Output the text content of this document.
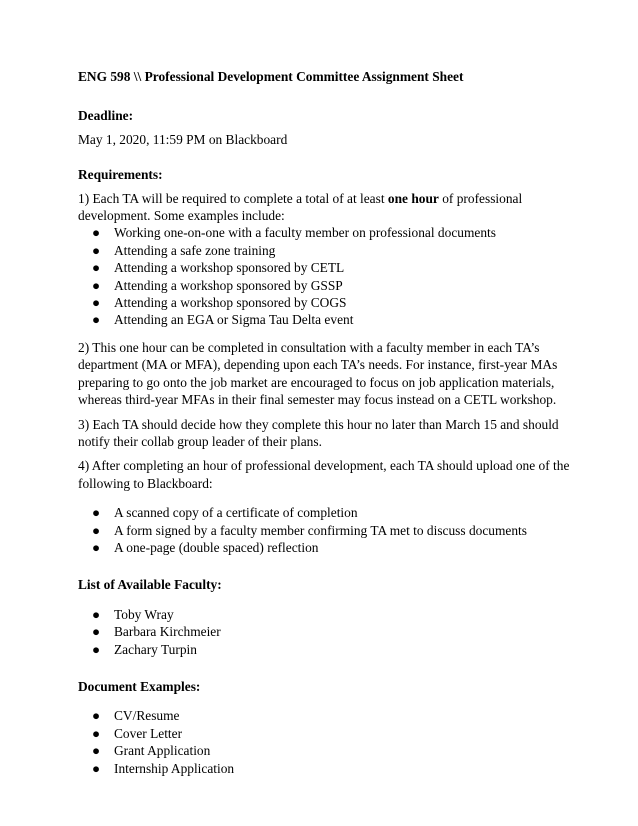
ENG 598 \\ Professional Development Committee Assignment Sheet
Deadline:

May 1, 2020, 11:59 PM on Blackboard

Requirements:

1) Each TA will be required to complete a total of at least one hour of professional development. Some examples include:

● Working one-on-one with a faculty member on professional documents
● Attending a safe zone training
● Attending a workshop sponsored by CETL
● Attending a workshop sponsored by GSSP
● Attending a workshop sponsored by COGS
● Attending an EGA or Sigma Tau Delta event

2) This one hour can be completed in consultation with a faculty member in each TA’s department (MA or MFA), depending upon each TA’s needs. For instance, first-year MAs preparing to go onto the job market are encouraged to focus on job application materials, whereas third-year MFAs in their final semester may focus instead on a CETL workshop.

3) Each TA should decide how they complete this hour no later than March 15 and should notify their collab group leader of their plans.

4) After completing an hour of professional development, each TA should upload one of the following to Blackboard:

● A scanned copy of a certificate of completion
● A form signed by a faculty member confirming TA met to discuss documents
● A one-page (double spaced) reflection
List of Available Faculty:
● Toby Wray
● Barbara Kirchmeier
● Zachary Turpin
Document Examples:
● CV/Resume
● Cover Letter
● Grant Application
● Internship Application
